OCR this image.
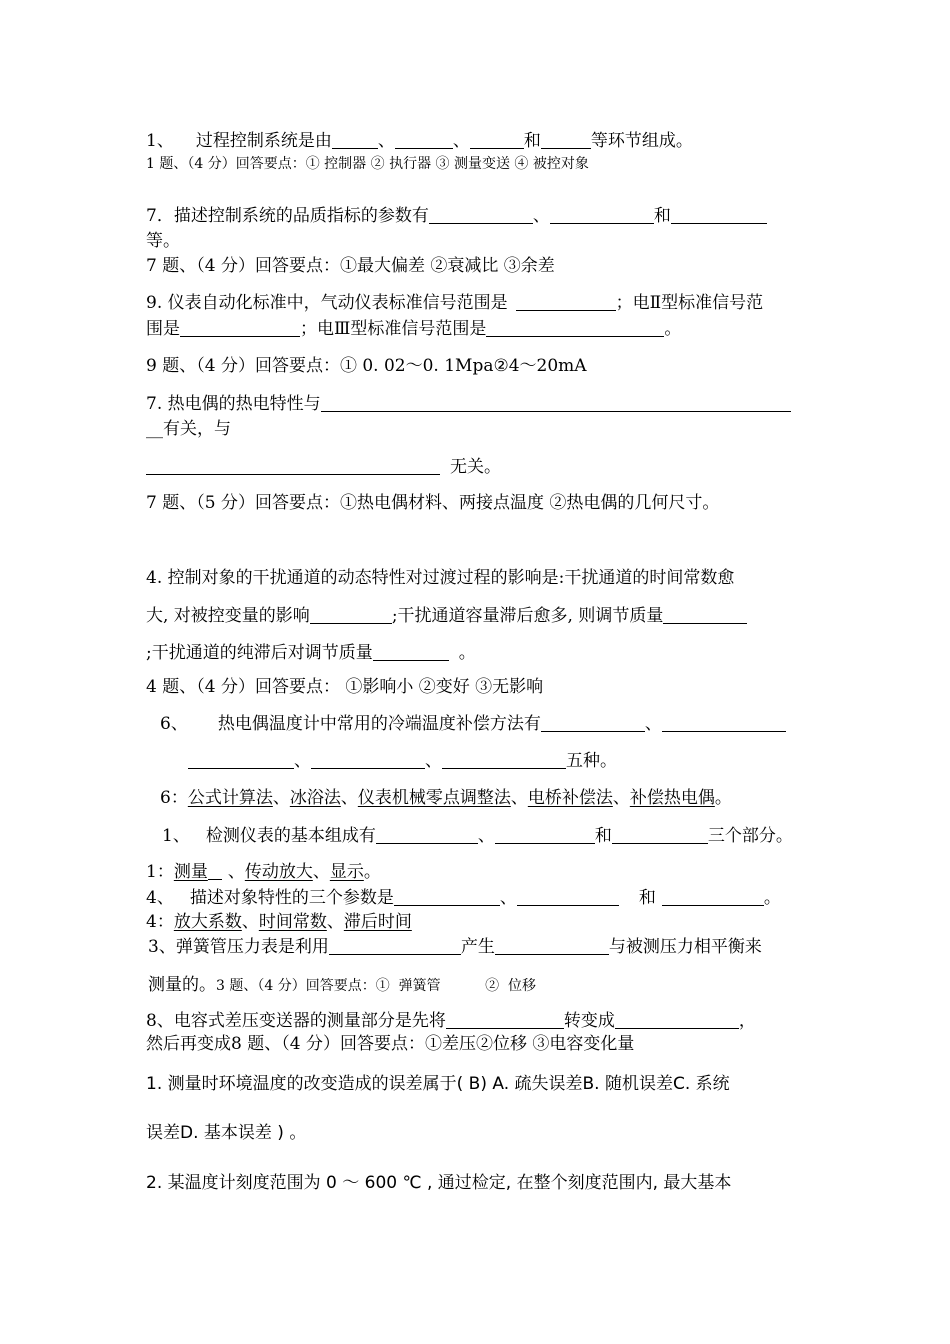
1、 过程控制系统是由	、	、	和	等环节组成。
1 题、（4 分）回答要点：① 控制器 ② 执行器 ③ 测量变送 ④ 被控对象
7．描述控制系统的品质指标的参数有	、	和
等。
7 题、（4 分）回答要点：①最大偏差 ②衰减比 ③余差
9. 仪表自动化标准中，气动仪表标准信号范围是	；电Ⅱ型标准信号范
围是	；电Ⅲ型标准信号范围是	。
9 题、（4 分）回答要点：① 0. 02～0. 1Mpa②4～20mA
7. 热电偶的热电特性与
__有关，与
无关。
7 题、（5 分）回答要点：①热电偶材料、两接点温度 ②热电偶的几何尺寸。
4. 控制对象的干扰通道的动态特性对过渡过程的影响是:干扰通道的时间常数愈
大, 对被控变量的影响	;干扰通道容量滞后愈多, 则调节质量
;干扰通道的纯滞后对调节质量	。
4 题、（4 分）回答要点： ①影响小 ②变好 ③无影响
6、 热电偶温度计中常用的冷端温度补偿方法有	、
、	、	五种。
6：公式计算法、冰浴法、仪表机械零点调整法、电桥补偿法、补偿热电偶。
1、 检测仪表的基本组成有	、	和	三个部分。
1：测量 、传动放大、显示。
4、 描述对象特性的三个参数是	、	和	。
4：放大系数、时间常数、滞后时间
3、弹簧管压力表是利用	产生	与被测压力相平衡来
测量的。3 题、（4 分）回答要点：①  弹簧管          ②  位移
8、电容式差压变送器的测量部分是先将	转变成	，
然后再变成8 题、（4 分）回答要点：①差压②位移 ③电容变化量
1. 测量时环境温度的改变造成的误差属于( B) A. 疏失误差B. 随机误差C. 系统
误差D. 基本误差 ) 。
2. 某温度计刻度范围为 0 ～ 600 ℃ , 通过检定, 在整个刻度范围内, 最大基本
